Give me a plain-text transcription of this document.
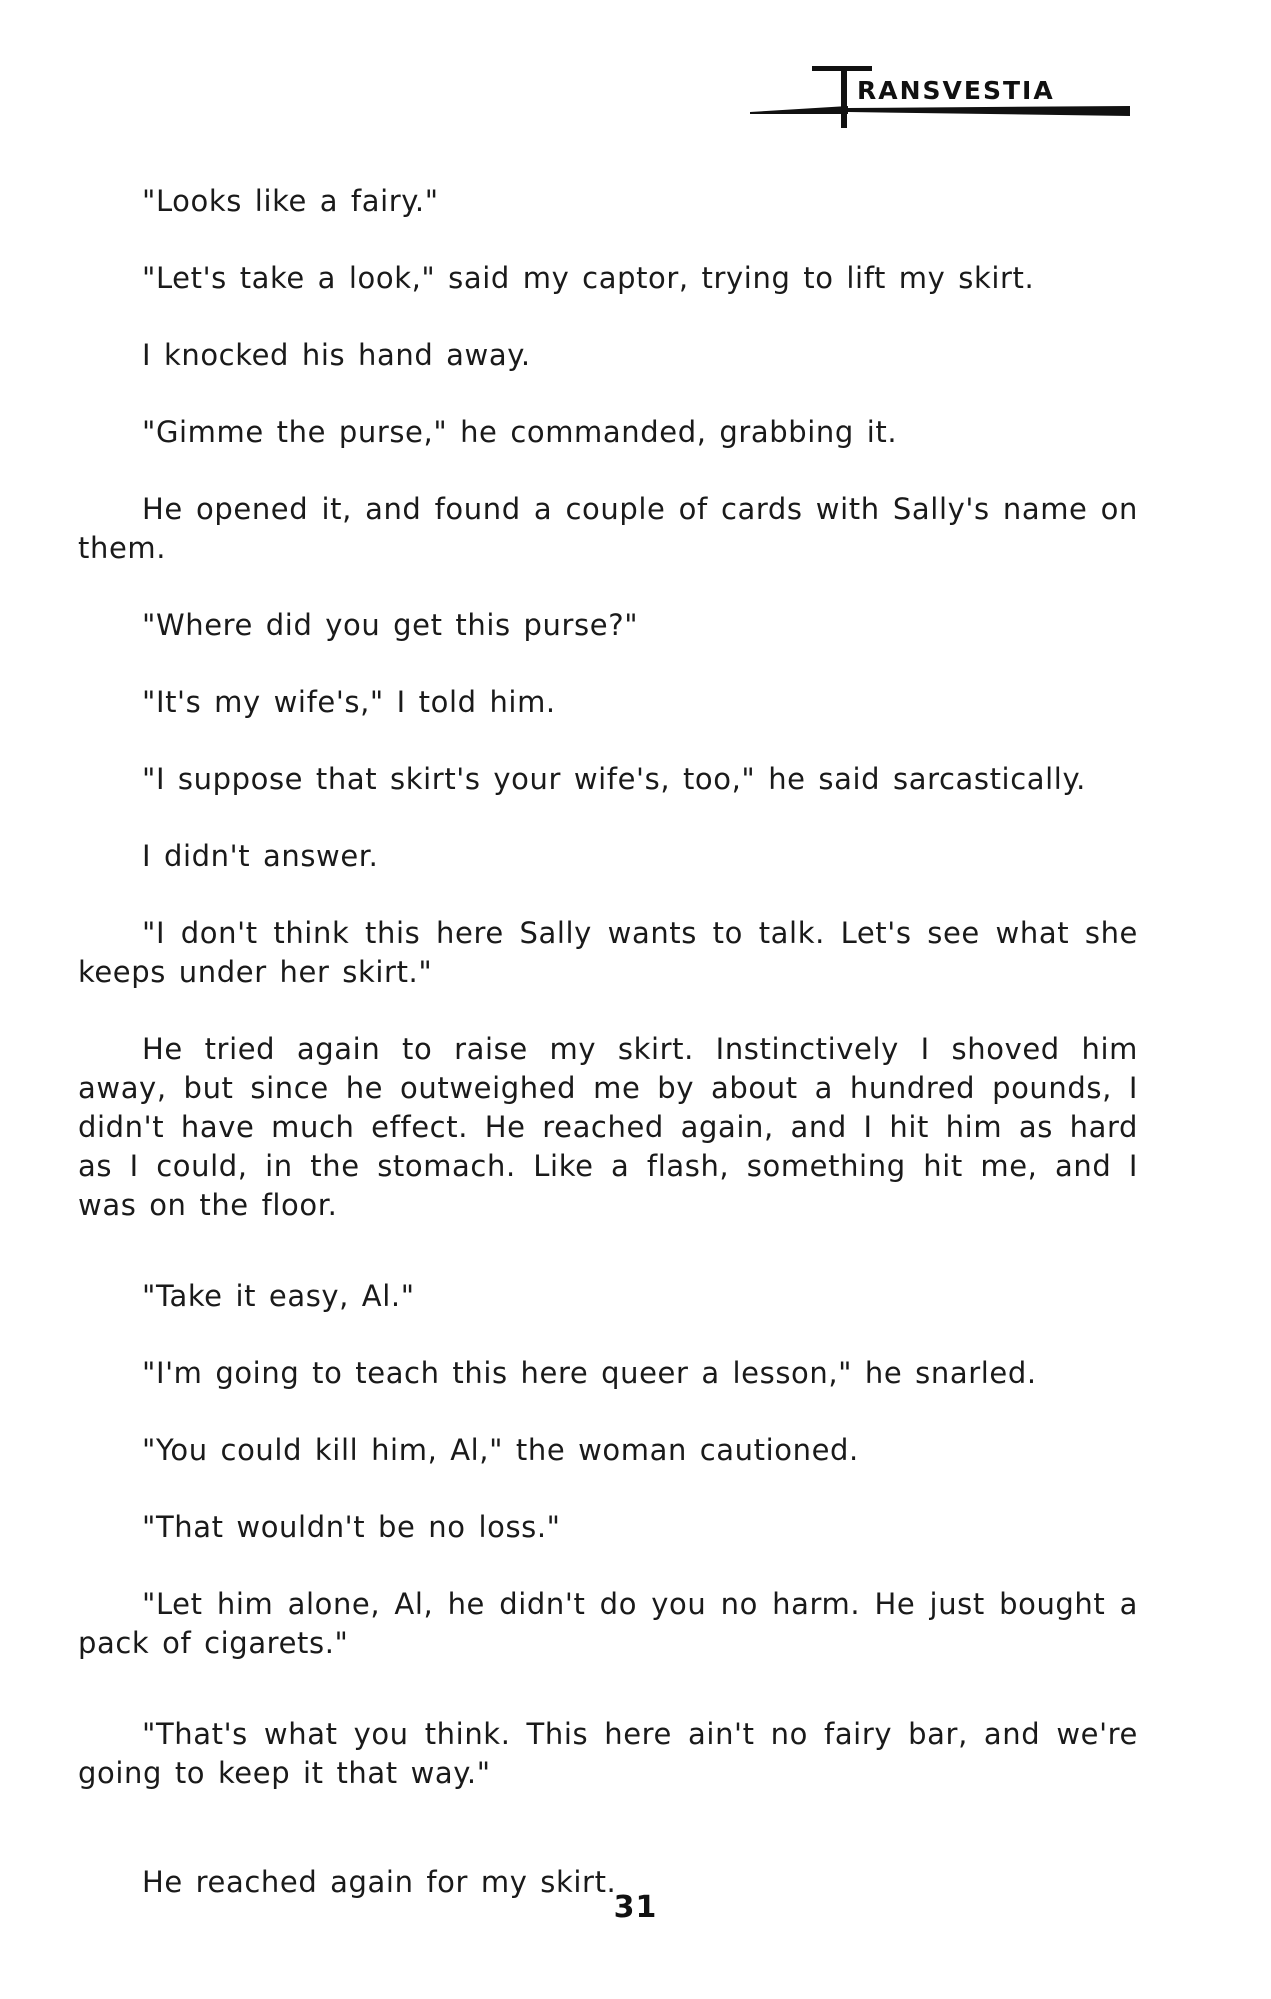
RANSVESTIA

"Looks like a fairy."

"Let's take a look," said my captor, trying to lift my skirt.

I knocked his hand away.

"Gimme the purse," he commanded, grabbing it.

He opened it, and found a couple of cards with Sally's name on them.

"Where did you get this purse?"

"It's my wife's," I told him.

"I suppose that skirt's your wife's, too," he said sarcastically.

I didn't answer.

"I don't think this here Sally wants to talk. Let's see what she keeps under her skirt."

He tried again to raise my skirt. Instinctively I shoved him away, but since he outweighed me by about a hundred pounds, I didn't have much effect. He reached again, and I hit him as hard as I could, in the stomach. Like a flash, something hit me, and I was on the floor.

"Take it easy, Al."

"I'm going to teach this here queer a lesson," he snarled.

"You could kill him, Al," the woman cautioned.

"That wouldn't be no loss."

"Let him alone, Al, he didn't do you no harm. He just bought a pack of cigarets."

"That's what you think. This here ain't no fairy bar, and we're going to keep it that way."

He reached again for my skirt.

31
